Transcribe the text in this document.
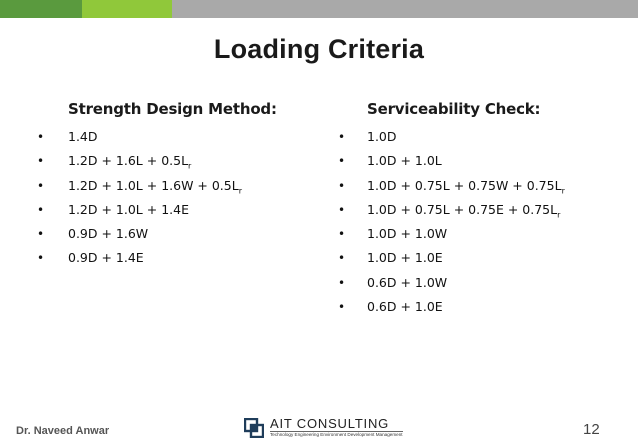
Loading Criteria
Strength Design Method:
•	1.4D
•	$1.2D + 1.6L + 0.5L_r$
•	$1.2D + 1.0L + 1.6W + 0.5L_r$
•	1.2D + 1.0L + 1.4E
•	0.9D + 1.6W
•	0.9D + 1.4E
Serviceability Check:
•	1.0D
•	1.0D + 1.0L
•	$1.0D + 0.75L + 0.75W + 0.75L_r$
•	$1.0D + 0.75L + 0.75E + 0.75L_r$
•	1.0D + 1.0W
•	1.0D + 1.0E
•	0.6D + 1.0W
•	0.6D + 1.0E
Dr. Naveed Anwar	AIT CONSULTING
Technology Engineering Environment Development Management	12
